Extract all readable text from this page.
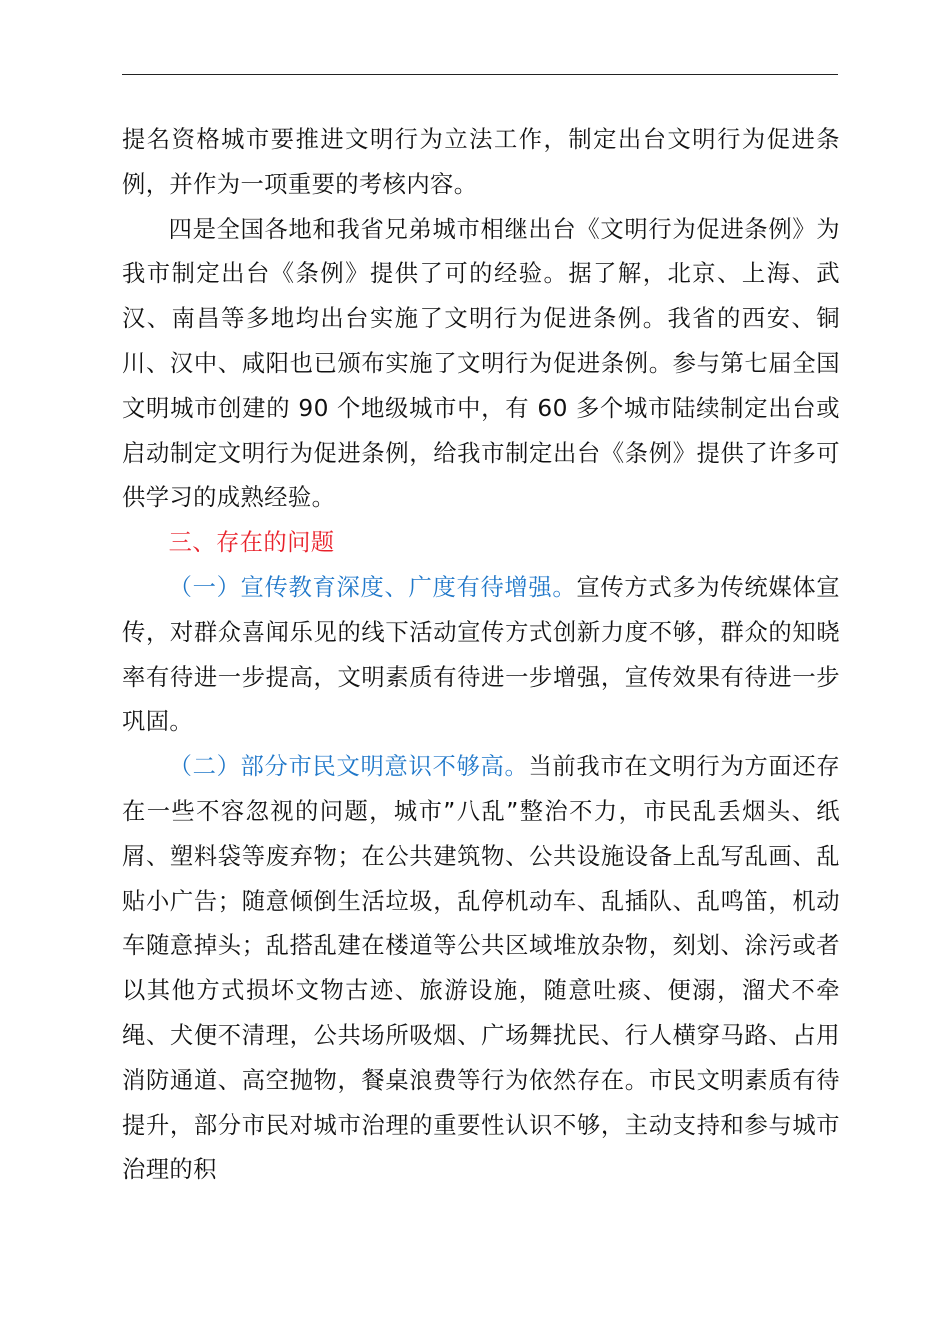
提名资格城市要推进文明行为立法工作，制定出台文明行为促进条例，并作为一项重要的考核内容。

四是全国各地和我省兄弟城市相继出台《文明行为促进条例》为我市制定出台《条例》提供了可的经验。据了解，北京、上海、武汉、南昌等多地均出台实施了文明行为促进条例。我省的西安、铜川、汉中、咸阳也已颁布实施了文明行为促进条例。参与第七届全国文明城市创建的 90 个地级城市中，有 60 多个城市陆续制定出台或启动制定文明行为促进条例，给我市制定出台《条例》提供了许多可供学习的成熟经验。

三、存在的问题

（一）宣传教育深度、广度有待增强。宣传方式多为传统媒体宣传，对群众喜闻乐见的线下活动宣传方式创新力度不够，群众的知晓率有待进一步提高，文明素质有待进一步增强，宣传效果有待进一步巩固。

（二）部分市民文明意识不够高。当前我市在文明行为方面还存在一些不容忽视的问题，城市”八乱”整治不力，市民乱丢烟头、纸屑、塑料袋等废弃物；在公共建筑物、公共设施设备上乱写乱画、乱贴小广告；随意倾倒生活垃圾，乱停机动车、乱插队、乱鸣笛，机动车随意掉头；乱搭乱建在楼道等公共区域堆放杂物，刻划、涂污或者以其他方式损坏文物古迹、旅游设施，随意吐痰、便溺，溜犬不牵绳、犬便不清理，公共场所吸烟、广场舞扰民、行人横穿马路、占用消防通道、高空抛物，餐桌浪费等行为依然存在。市民文明素质有待提升，部分市民对城市治理的重要性认识不够，主动支持和参与城市治理的积
